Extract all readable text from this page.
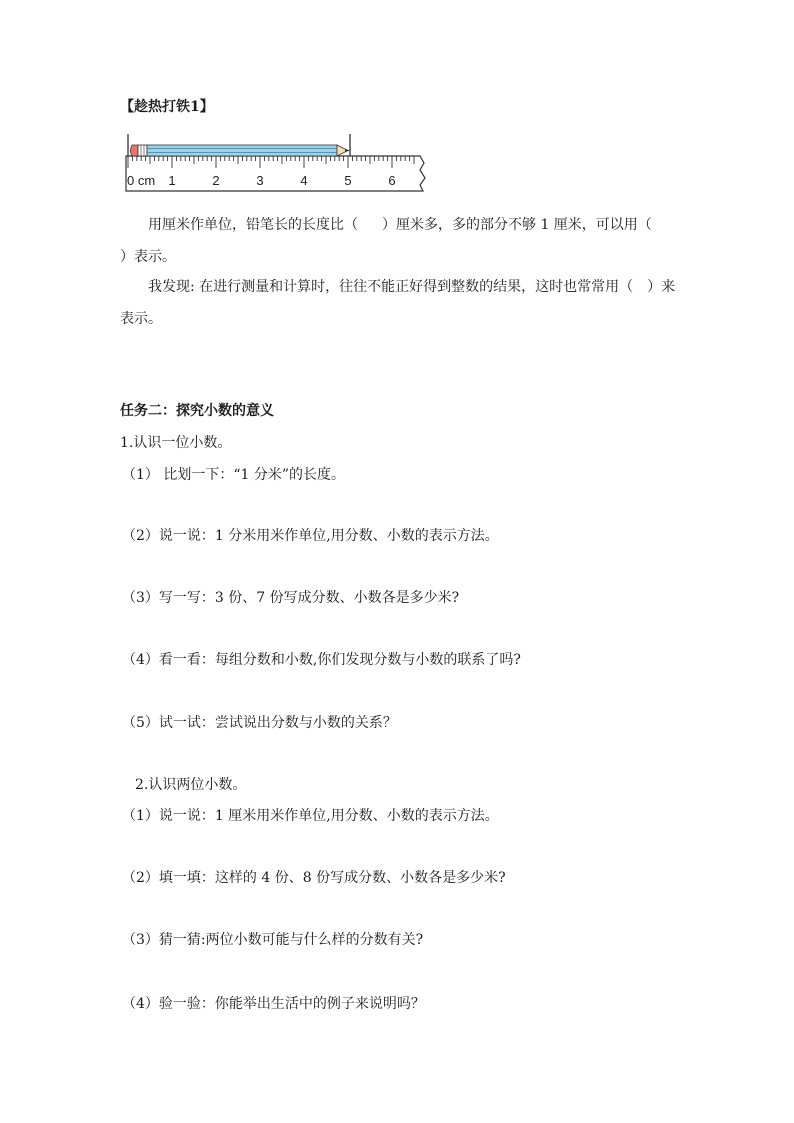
【趁热打铁1】
0 cm 1	2	3	4	5	6
用厘米作单位，铅笔长的长度比（ ）厘米多，多的部分不够 1 厘米，可以用（）表示。
我发现: 在进行测量和计算时，往往不能正好得到整数的结果，这时也常常用（ ）来表示。
任务二：探究小数的意义
1.认识一位小数。
（1） 比划一下：“1 分米”的长度。
（2）说一说：1 分米用米作单位,用分数、小数的表示方法。
（3）写一写：3 份、7 份写成分数、小数各是多少米?
（4）看一看：每组分数和小数,你们发现分数与小数的联系了吗?
（5）试一试：尝试说出分数与小数的关系？
2.认识两位小数。
（1）说一说：1 厘米用米作单位,用分数、小数的表示方法。
（2）填一填：这样的 4 份、8 份写成分数、小数各是多少米?
（3）猜一猜:两位小数可能与什么样的分数有关?
（4）验一验：你能举出生活中的例子来说明吗？
